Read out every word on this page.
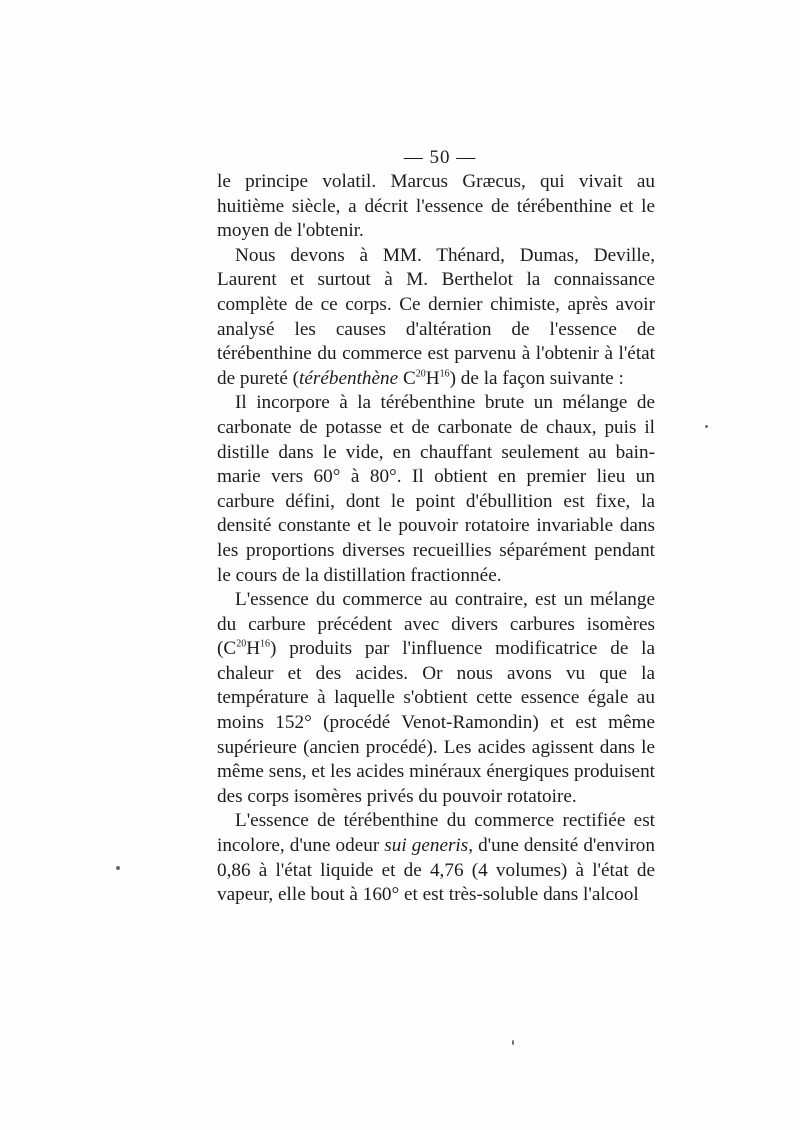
— 50 —

le principe volatil. Marcus Græcus, qui vivait au huitième siècle, a décrit l'essence de térébenthine et le moyen de l'obtenir.

Nous devons à MM. Thénard, Dumas, Deville, Laurent et surtout à M. Berthelot la connaissance complète de ce corps. Ce dernier chimiste, après avoir analysé les causes d'altération de l'essence de térébenthine du commerce est parvenu à l'obtenir à l'état de pureté (térébenthène $C^{20}H^{16}$) de la façon suivante :

Il incorpore à la térébenthine brute un mélange de carbonate de potasse et de carbonate de chaux, puis il distille dans le vide, en chauffant seulement au bain-marie vers 60° à 80°. Il obtient en premier lieu un carbure défini, dont le point d'ébullition est fixe, la densité constante et le pouvoir rotatoire invariable dans les proportions diverses recueillies séparément pendant le cours de la distillation fractionnée.

L'essence du commerce au contraire, est un mélange du carbure précédent avec divers carbures isomères $(C^{20}H^{16})$ produits par l'influence modificatrice de la chaleur et des acides. Or nous avons vu que la température à laquelle s'obtient cette essence égale au moins 152° (procédé Venot-Ramondin) et est même supérieure (ancien procédé). Les acides agissent dans le même sens, et les acides minéraux énergiques produisent des corps isomères privés du pouvoir rotatoire.

L'essence de térébenthine du commerce rectifiée est incolore, d'une odeur sui generis, d'une densité d'environ 0,86 à l'état liquide et de 4,76 (4 volumes) à l'état de vapeur, elle bout à 160° et est très-soluble dans l'alcool
